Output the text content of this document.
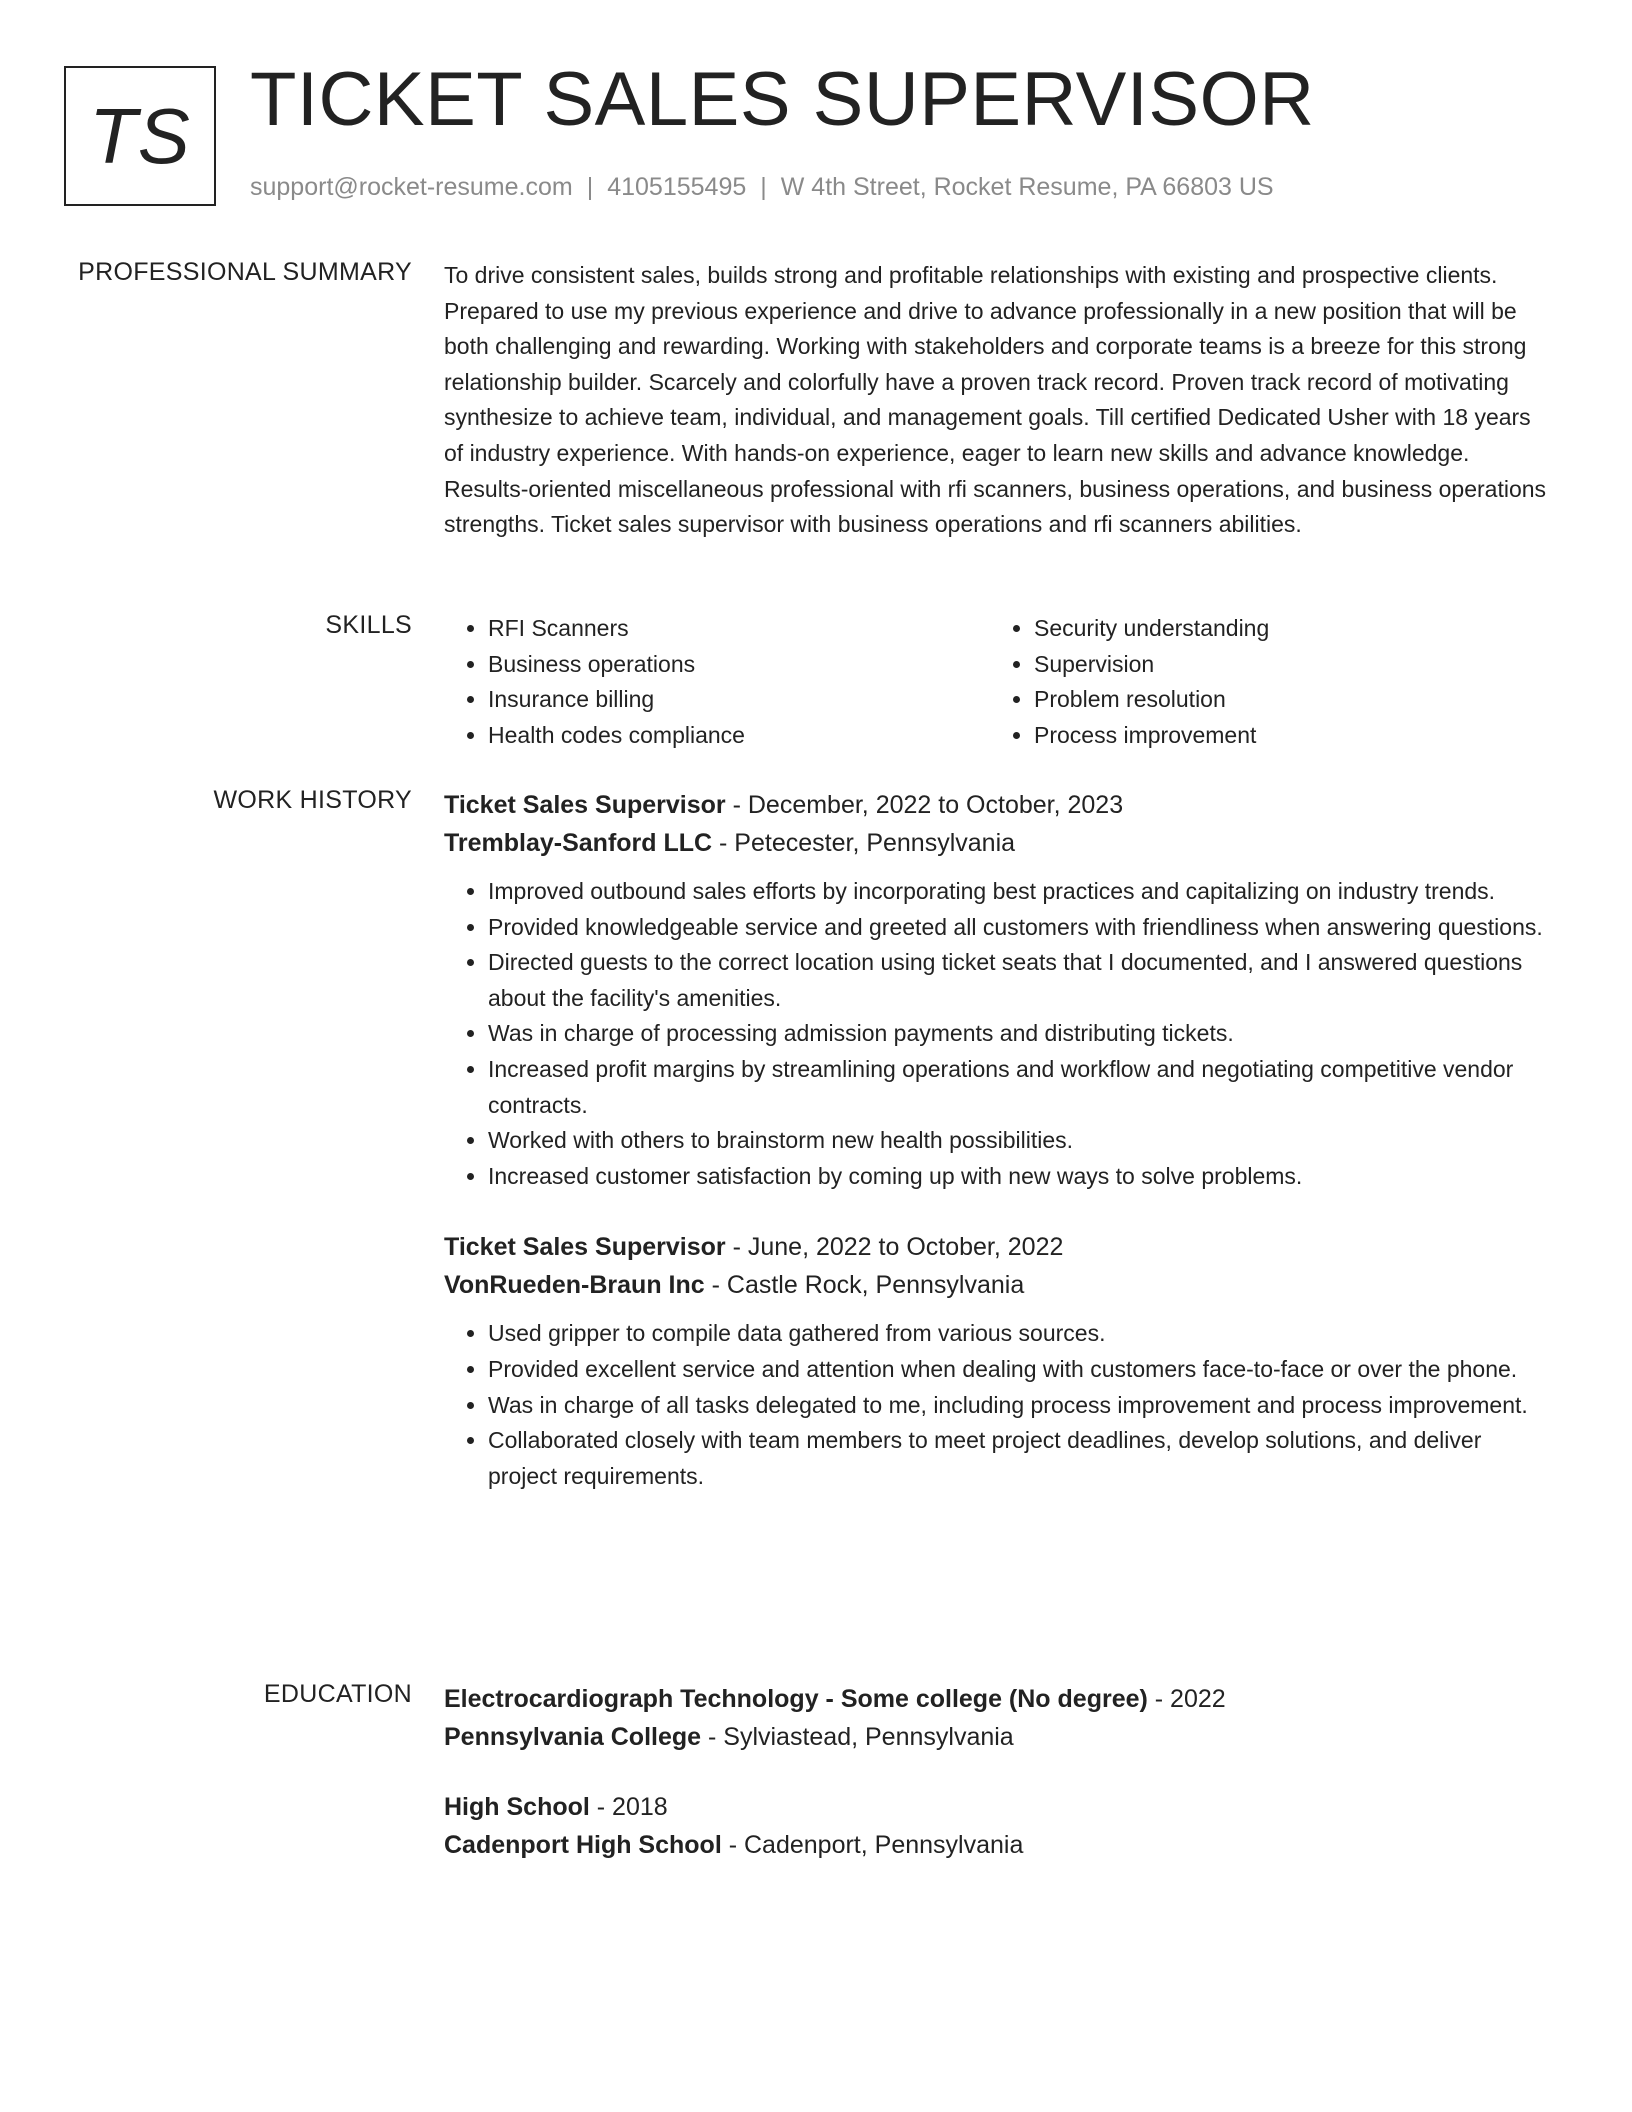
TS TICKET SALES SUPERVISOR
support@rocket-resume.com | 4105155495 | W 4th Street, Rocket Resume, PA 66803 US
PROFESSIONAL SUMMARY To drive consistent sales, builds strong and profitable relationships with existing and prospective clients. Prepared to use my previous experience and drive to advance professionally in a new position that will be both challenging and rewarding. Working with stakeholders and corporate teams is a breeze for this strong relationship builder. Scarcely and colorfully have a proven track record. Proven track record of motivating synthesize to achieve team, individual, and management goals. Till certified Dedicated Usher with 18 years of industry experience. With hands-on experience, eager to learn new skills and advance knowledge. Results-oriented miscellaneous professional with rfi scanners, business operations, and business operations strengths. Ticket sales supervisor with business operations and rfi scanners abilities.

SKILLS
•	RFI Scanners
• Business operations
• Insurance billing
• Health codes compliance
• Security understanding
• Supervision
• Problem resolution
• Process improvement
WORK HISTORY Ticket Sales Supervisor - December, 2022 to October, 2023
Tremblay-Sanford LLC - Petecester, Pennsylvania
• Improved outbound sales efforts by incorporating best practices and capitalizing on industry trends.
• Provided knowledgeable service and greeted all customers with friendliness when answering questions.
• Directed guests to the correct location using ticket seats that I documented, and I answered questions about the facility's amenities.
• Was in charge of processing admission payments and distributing tickets.
• Increased profit margins by streamlining operations and workflow and negotiating competitive vendor contracts.
• Worked with others to brainstorm new health possibilities.
• Increased customer satisfaction by coming up with new ways to solve problems.
Ticket Sales Supervisor - June, 2022 to October, 2022
VonRueden-Braun Inc - Castle Rock, Pennsylvania
• Used gripper to compile data gathered from various sources.
• Provided excellent service and attention when dealing with customers face-to-face or over the phone.
• Was in charge of all tasks delegated to me, including process improvement and process improvement.
• Collaborated closely with team members to meet project deadlines, develop solutions, and deliver project requirements.
EDUCATION Electrocardiograph Technology - Some college (No degree) - 2022
Pennsylvania College - Sylviastead, Pennsylvania
High School - 2018
Cadenport High School - Cadenport, Pennsylvania
